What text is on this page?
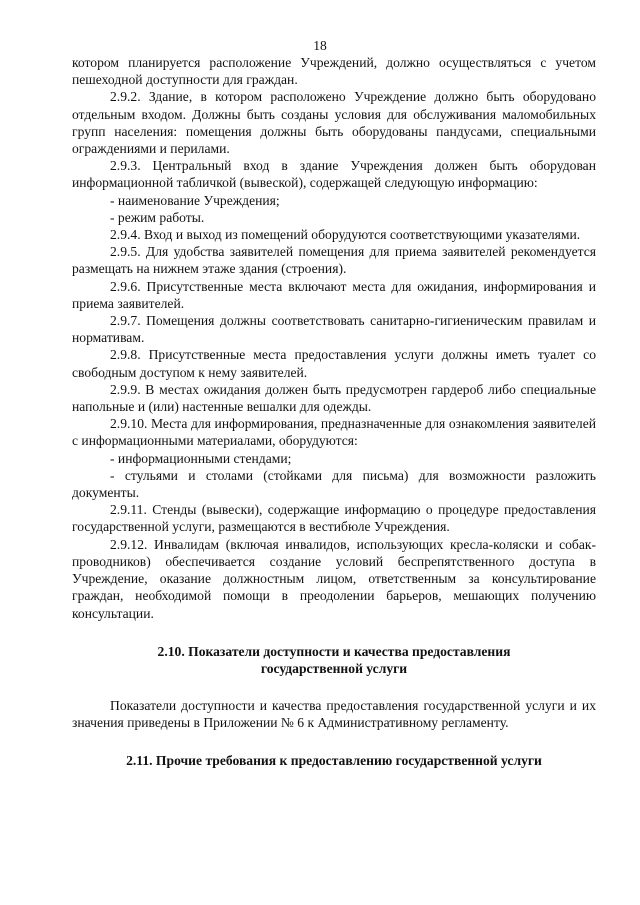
18

котором планируется расположение Учреждений, должно осуществляться с учетом пешеходной доступности для граждан.

2.9.2. Здание, в котором расположено Учреждение должно быть оборудовано отдельным входом. Должны быть созданы условия для обслуживания маломобильных групп населения: помещения должны быть оборудованы пандусами, специальными ограждениями и перилами.

2.9.3. Центральный вход в здание Учреждения должен быть оборудован информационной табличкой (вывеской), содержащей следующую информацию:

- наименование Учреждения;

- режим работы.

2.9.4. Вход и выход из помещений оборудуются соответствующими указателями.

2.9.5. Для удобства заявителей помещения для приема заявителей рекомендуется размещать на нижнем этаже здания (строения).

2.9.6. Присутственные места включают места для ожидания, информирования и приема заявителей.

2.9.7. Помещения должны соответствовать санитарно-гигиеническим правилам и нормативам.

2.9.8. Присутственные места предоставления услуги должны иметь туалет со свободным доступом к нему заявителей.

2.9.9. В местах ожидания должен быть предусмотрен гардероб либо специальные напольные и (или) настенные вешалки для одежды.

2.9.10. Места для информирования, предназначенные для ознакомления заявителей с информационными материалами, оборудуются:

- информационными стендами;

- стульями и столами (стойками для письма) для возможности разложить документы.

2.9.11. Стенды (вывески), содержащие информацию о процедуре предоставления государственной услуги, размещаются в вестибюле Учреждения.

2.9.12. Инвалидам (включая инвалидов, использующих кресла-коляски и собак-проводников) обеспечивается создание условий беспрепятственного доступа в Учреждение, оказание должностным лицом, ответственным за консультирование граждан, необходимой помощи в преодолении барьеров, мешающих получению консультации.

2.10. Показатели доступности и качества предоставления
государственной услуги

Показатели доступности и качества предоставления государственной услуги и их значения приведены в Приложении № 6 к Административному регламенту.

2.11. Прочие требования к предоставлению государственной услуги
